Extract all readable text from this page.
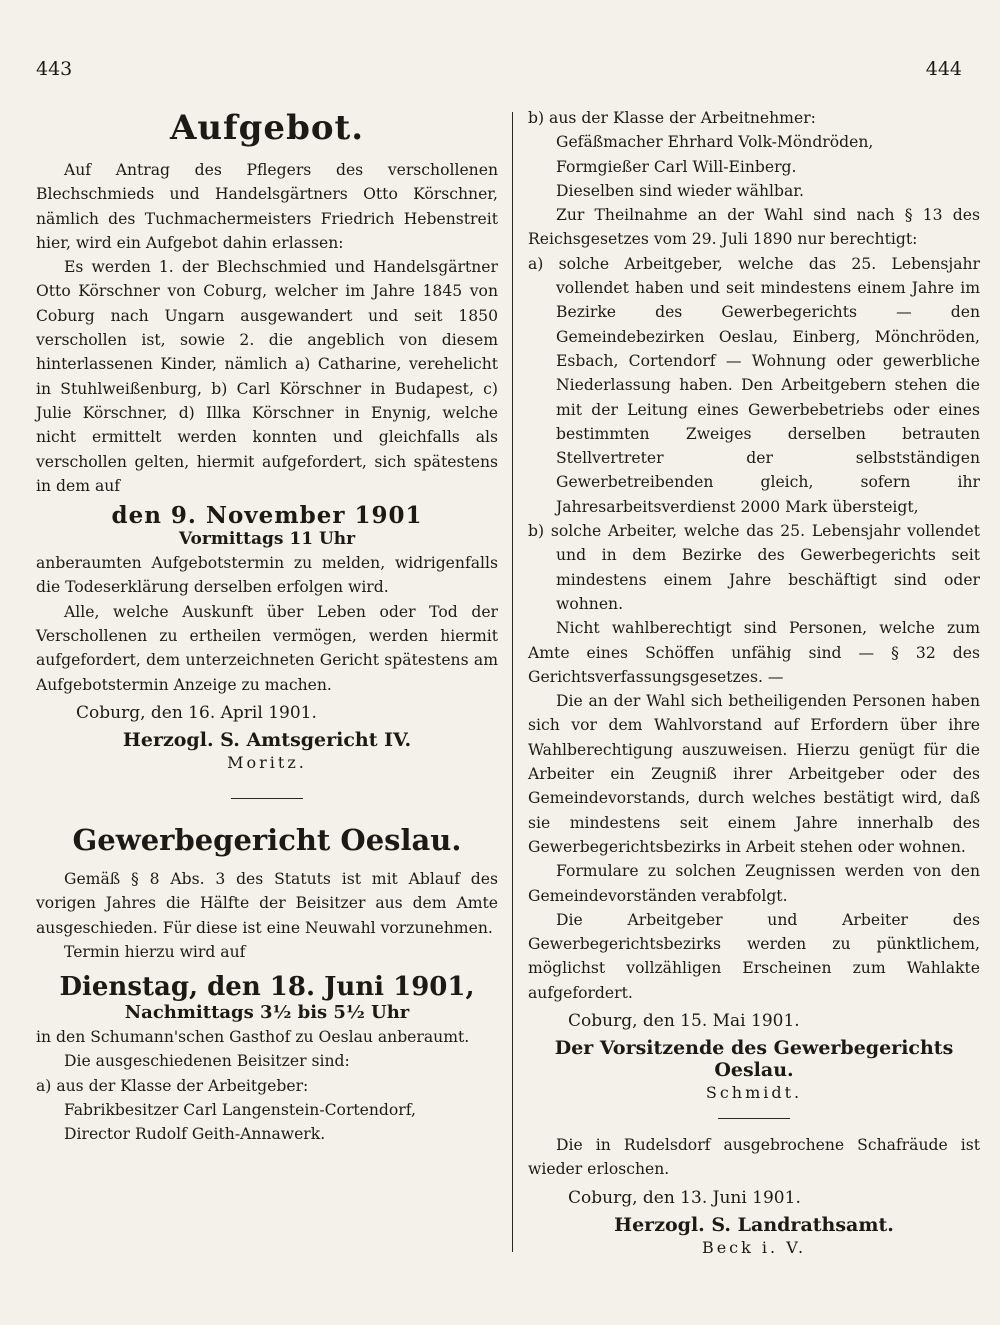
443	444
Aufgebot.

Auf Antrag des Pflegers des verschollenen Blechschmieds und Handelsgärtners Otto Körschner, nämlich des Tuchmachermeisters Friedrich Hebenstreit hier, wird ein Aufgebot dahin erlassen:

Es werden 1. der Blechschmied und Handelsgärtner Otto Körschner von Coburg, welcher im Jahre 1845 von Coburg nach Ungarn ausgewandert und seit 1850 verschollen ist, sowie 2. die angeblich von diesem hinterlassenen Kinder, nämlich a) Catharine, verehelicht in Stuhlweißenburg, b) Carl Körschner in Budapest, c) Julie Körschner, d) Illka Körschner in Enynig, welche nicht ermittelt werden konnten und gleichfalls als verschollen gelten, hiermit aufgefordert, sich spätestens in dem auf

den 9. November 1901

Vormittags 11 Uhr

anberaumten Aufgebotstermin zu melden, widrigenfalls die Todeserklärung derselben erfolgen wird.

Alle, welche Auskunft über Leben oder Tod der Verschollenen zu ertheilen vermögen, werden hiermit aufgefordert, dem unterzeichneten Gericht spätestens am Aufgebotstermin Anzeige zu machen.

Coburg, den 16. April 1901.

Herzogl. S. Amtsgericht IV.

Moritz.

Gewerbegericht Oeslau.

Gemäß § 8 Abs. 3 des Statuts ist mit Ablauf des vorigen Jahres die Hälfte der Beisitzer aus dem Amte ausgeschieden. Für diese ist eine Neuwahl vorzunehmen.

Termin hierzu wird auf

Dienstag, den 18. Juni 1901,

Nachmittags 3½ bis 5½ Uhr

in den Schumann'schen Gasthof zu Oeslau anberaumt.

Die ausgeschiedenen Beisitzer sind:

a) aus der Klasse der Arbeitgeber:

Fabrikbesitzer Carl Langenstein-Cortendorf,

Director Rudolf Geith-Annawerk.

b) aus der Klasse der Arbeitnehmer:

Gefäßmacher Ehrhard Volk-Möndröden,

Formgießer Carl Will-Einberg.

Dieselben sind wieder wählbar.

Zur Theilnahme an der Wahl sind nach § 13 des Reichsgesetzes vom 29. Juli 1890 nur berechtigt:

a) solche Arbeitgeber, welche das 25. Lebensjahr vollendet haben und seit mindestens einem Jahre im Bezirke des Gewerbegerichts — den Gemeindebezirken Oeslau, Einberg, Mönchröden, Esbach, Cortendorf — Wohnung oder gewerbliche Niederlassung haben. Den Arbeitgebern stehen die mit der Leitung eines Gewerbebetriebs oder eines bestimmten Zweiges derselben betrauten Stellvertreter der selbstständigen Gewerbetreibenden gleich, sofern ihr Jahresarbeitsverdienst 2000 Mark übersteigt,

b) solche Arbeiter, welche das 25. Lebensjahr vollendet und in dem Bezirke des Gewerbegerichts seit mindestens einem Jahre beschäftigt sind oder wohnen.

Nicht wahlberechtigt sind Personen, welche zum Amte eines Schöffen unfähig sind — § 32 des Gerichtsverfassungsgesetzes. —

Die an der Wahl sich betheiligenden Personen haben sich vor dem Wahlvorstand auf Erfordern über ihre Wahlberechtigung auszuweisen. Hierzu genügt für die Arbeiter ein Zeugniß ihrer Arbeitgeber oder des Gemeindevorstands, durch welches bestätigt wird, daß sie mindestens seit einem Jahre innerhalb des Gewerbegerichtsbezirks in Arbeit stehen oder wohnen.

Formulare zu solchen Zeugnissen werden von den Gemeindevorständen verabfolgt.

Die Arbeitgeber und Arbeiter des Gewerbegerichtsbezirks werden zu pünktlichem, möglichst vollzähligen Erscheinen zum Wahlakte aufgefordert.

Coburg, den 15. Mai 1901.

Der Vorsitzende des Gewerbegerichts Oeslau.

Schmidt.

Die in Rudelsdorf ausgebrochene Schafräude ist wieder erloschen.

Coburg, den 13. Juni 1901.

Herzogl. S. Landrathsamt.

Beck i. V.
